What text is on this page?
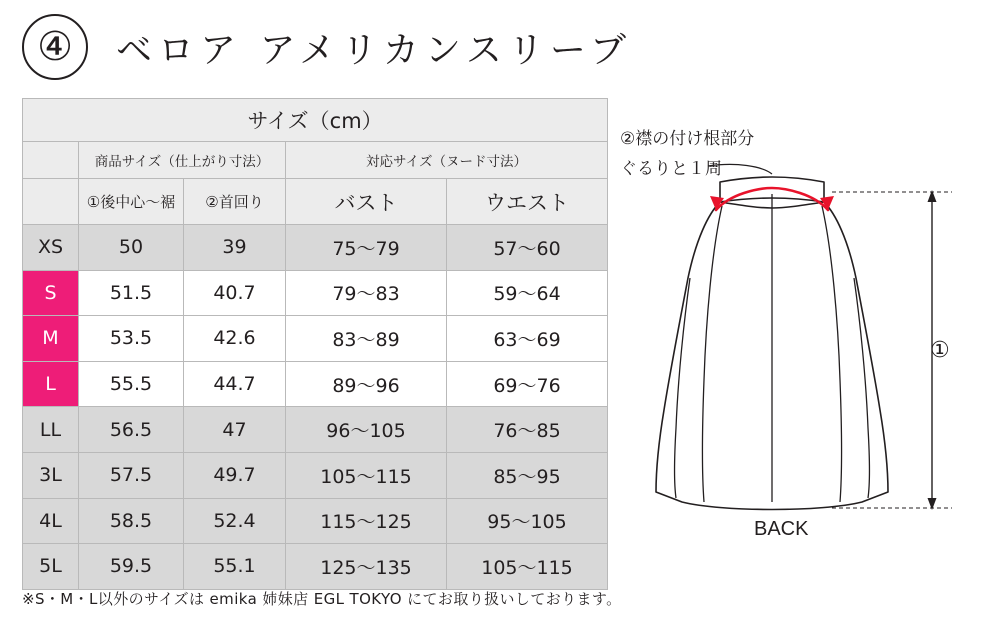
④	ベロア アメリカンスリーブ
サイズ（cm）				
	商品サイズ（仕上がり寸法）		対応サイズ（ヌード寸法）	
	①後中心〜裾	②首回り	バスト	ウエスト
XS	50	39	75〜79	57〜60
S	51.5	40.7	79〜83	59〜64
M	53.5	42.6	83〜89	63〜69
L	55.5	44.7	89〜96	69〜76
LL	56.5	47	96〜105	76〜85
3L	57.5	49.7	105〜115	85〜95
4L	58.5	52.4	115〜125	95〜105
5L	59.5	55.1	125〜135	105〜115
※S・M・L以外のサイズは emika 姉妹店 EGL TOKYO にてお取り扱いしております。
②襟の付け根部分
ぐるりと１周
BACK
①
